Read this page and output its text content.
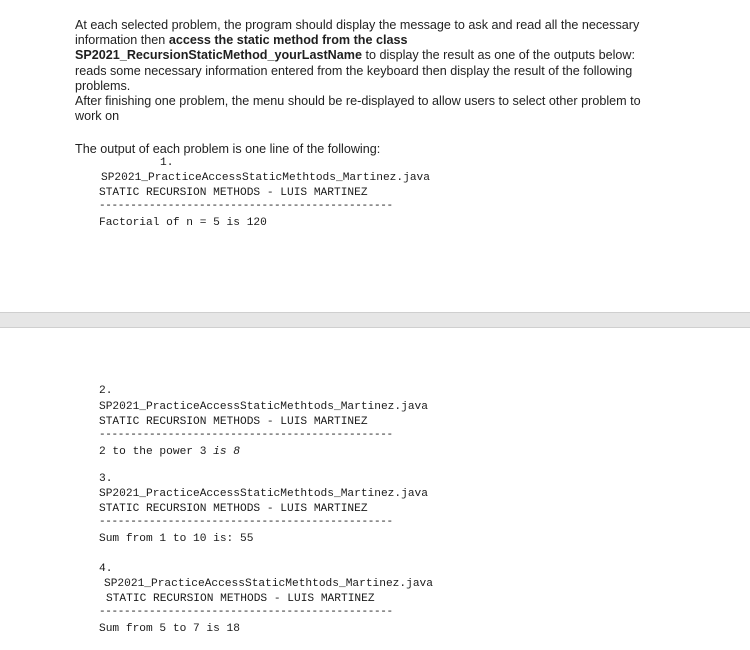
At each selected problem, the program should display the message to ask and read all the necessary

information then access the static method from the class

SP2021_RecursionStaticMethod_yourLastName to display the result as one of the outputs below:

reads some necessary information entered from the keyboard then display the result of the following

problems.

After finishing one problem, the menu should be re-displayed to allow users to select other problem to

work on

The output of each problem is one line of the following:
1.
SP2021_PracticeAccessStaticMethtods_Martinez.java
STATIC RECURSION METHODS - LUIS MARTINEZ
-----------------------------------------------
Factorial of n = 5 is 120
2.
SP2021_PracticeAccessStaticMethtods_Martinez.java
STATIC RECURSION METHODS - LUIS MARTINEZ
-----------------------------------------------
2 to the power 3 is 8
3.
SP2021_PracticeAccessStaticMethtods_Martinez.java
STATIC RECURSION METHODS - LUIS MARTINEZ
-----------------------------------------------
Sum from 1 to 10 is: 55
4.
SP2021_PracticeAccessStaticMethtods_Martinez.java
STATIC RECURSION METHODS - LUIS MARTINEZ
-----------------------------------------------
Sum from 5 to 7 is 18
